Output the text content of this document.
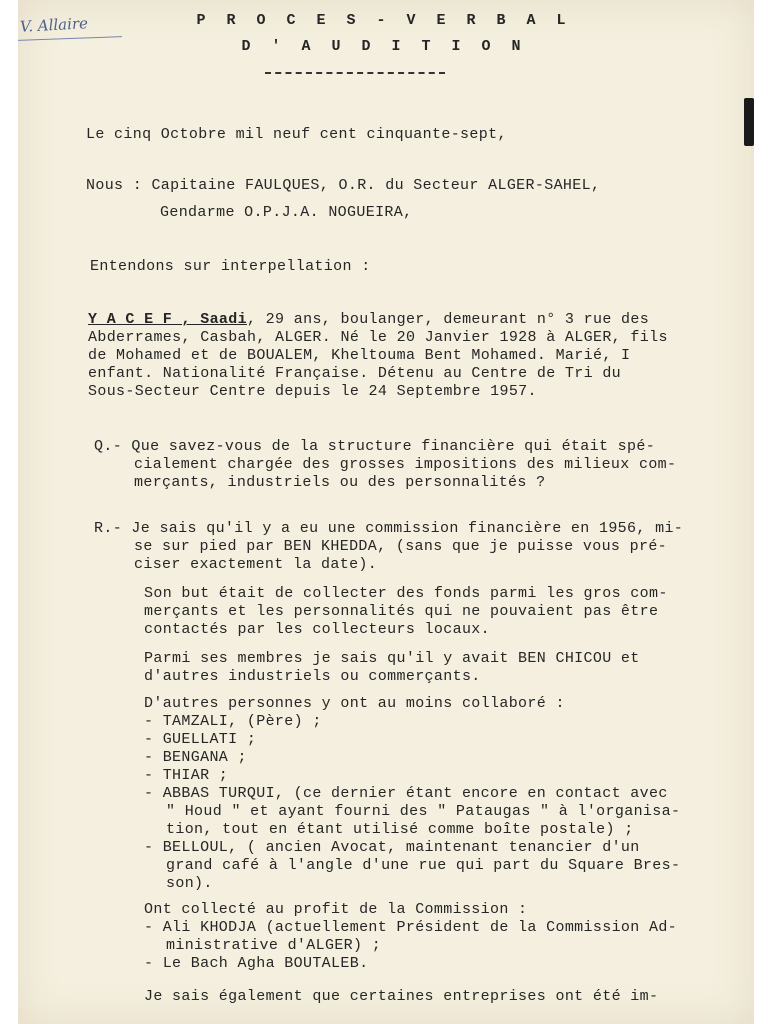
V. Allaire	P R O C E S - V E R B A L

D ' A U D I T I O N

Le cinq Octobre mil neuf cent cinquante-sept,

Nous : Capitaine FAULQUES, O.R. du Secteur ALGER-SAHEL,

Gendarme O.P.J.A. NOGUEIRA,

Entendons sur interpellation :

Y A C E F , Saadi, 29 ans, boulanger, demeurant n° 3 rue des

Abderrames, Casbah, ALGER. Né le 20 Janvier 1928 à ALGER, fils

de Mohamed et de BOUALEM, Kheltouma Bent Mohamed. Marié, I

enfant. Nationalité Française. Détenu au Centre de Tri du

Sous-Secteur Centre depuis le 24 Septembre 1957.

Q.- Que savez-vous de la structure financière qui était spé-

cialement chargée des grosses impositions des milieux com-

merçants, industriels ou des personnalités ?

R.- Je sais qu'il y a eu une commission financière en 1956, mi-

se sur pied par BEN KHEDDA, (sans que je puisse vous pré-

ciser exactement la date).

Son but était de collecter des fonds parmi les gros com-

merçants et les personnalités qui ne pouvaient pas être

contactés par les collecteurs locaux.

Parmi ses membres je sais qu'il y avait BEN CHICOU et

d'autres industriels ou commerçants.

D'autres personnes y ont au moins collaboré :

- TAMZALI, (Père) ;

- GUELLATI ;

- BENGANA ;

- THIAR ;

- ABBAS TURQUI, (ce dernier étant encore en contact avec

" Houd " et ayant fourni des " Pataugas " à l'organisa-

tion, tout en étant utilisé comme boîte postale) ;

- BELLOUL, ( ancien Avocat, maintenant tenancier d'un

grand café à l'angle d'une rue qui part du Square Bres-

son).

Ont collecté au profit de la Commission :

- Ali KHODJA (actuellement Président de la Commission Ad-

ministrative d'ALGER) ;

- Le Bach Agha BOUTALEB.

Je sais également que certaines entreprises ont été im-
